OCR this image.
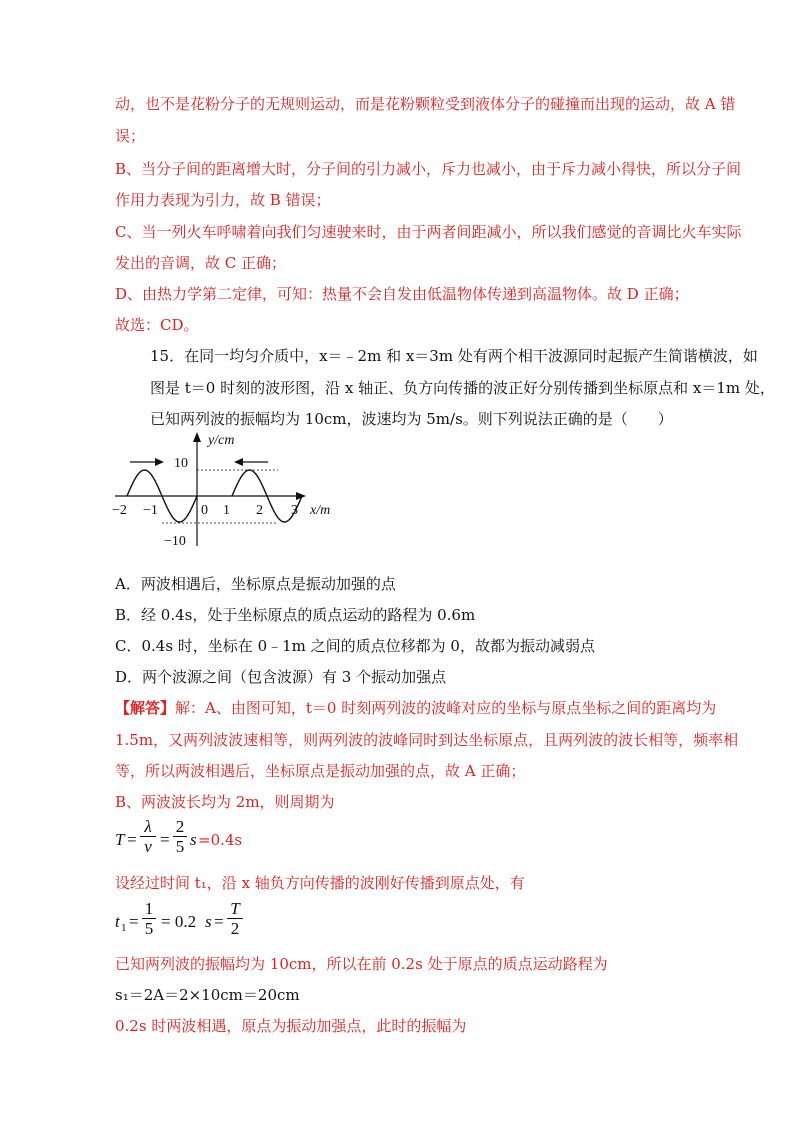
动，也不是花粉分子的无规则运动，而是花粉颗粒受到液体分子的碰撞而出现的运动，故 A 错
误；
B、当分子间的距离增大时，分子间的引力减小，斥力也减小，由于斥力减小得快，所以分子间
作用力表现为引力，故 B 错误；
C、当一列火车呼啸着向我们匀速驶来时，由于两者间距减小，所以我们感觉的音调比火车实际
发出的音调，故 C 正确；
D、由热力学第二定律，可知：热量不会自发由低温物体传递到高温物体。故 D 正确；
故选：CD。
15．在同一均匀介质中，x＝﹣2m 和 x＝3m 处有两个相干波源同时起振产生简谐横波，如
图是 t＝0 时刻的波形图，沿 x 轴正、负方向传播的波正好分别传播到坐标原点和 x＝1m 处，
已知两列波的振幅均为 10cm，波速均为 5m/s。则下列说法正确的是（　　）
y/cm
10
−10
−2 −1	0 1 2 3 x/m
A．两波相遇后，坐标原点是振动加强的点
B．经 0.4s，处于坐标原点的质点运动的路程为 0.6m
C．0.4s 时，坐标在 0﹣1m 之间的质点位移都为 0，故都为振动减弱点
D．两个波源之间（包含波源）有 3 个振动加强点
【解答】解：A、由图可知，t＝0 时刻两列波的波峰对应的坐标与原点坐标之间的距离均为
1.5m，又两列波波速相等，则两列波的波峰同时到达坐标原点，且两列波的波长相等，频率相
等，所以两波相遇后，坐标原点是振动加强的点，故 A 正确；
B、两波波长均为 2m，则周期为
$T = \frac{\lambda}{v} = \frac{2}{5}$ s =0.4s
设经过时间 t₁，沿 x 轴负方向传播的波刚好传播到原点处，有
t $1 = \frac{1}{5} = 0.2$ $s = \frac{T}{2}$
已知两列波的振幅均为 10cm，所以在前 0.2s 处于原点的质点运动路程为
s₁＝2A＝2×10cm＝20cm
0.2s 时两波相遇，原点为振动加强点，此时的振幅为
